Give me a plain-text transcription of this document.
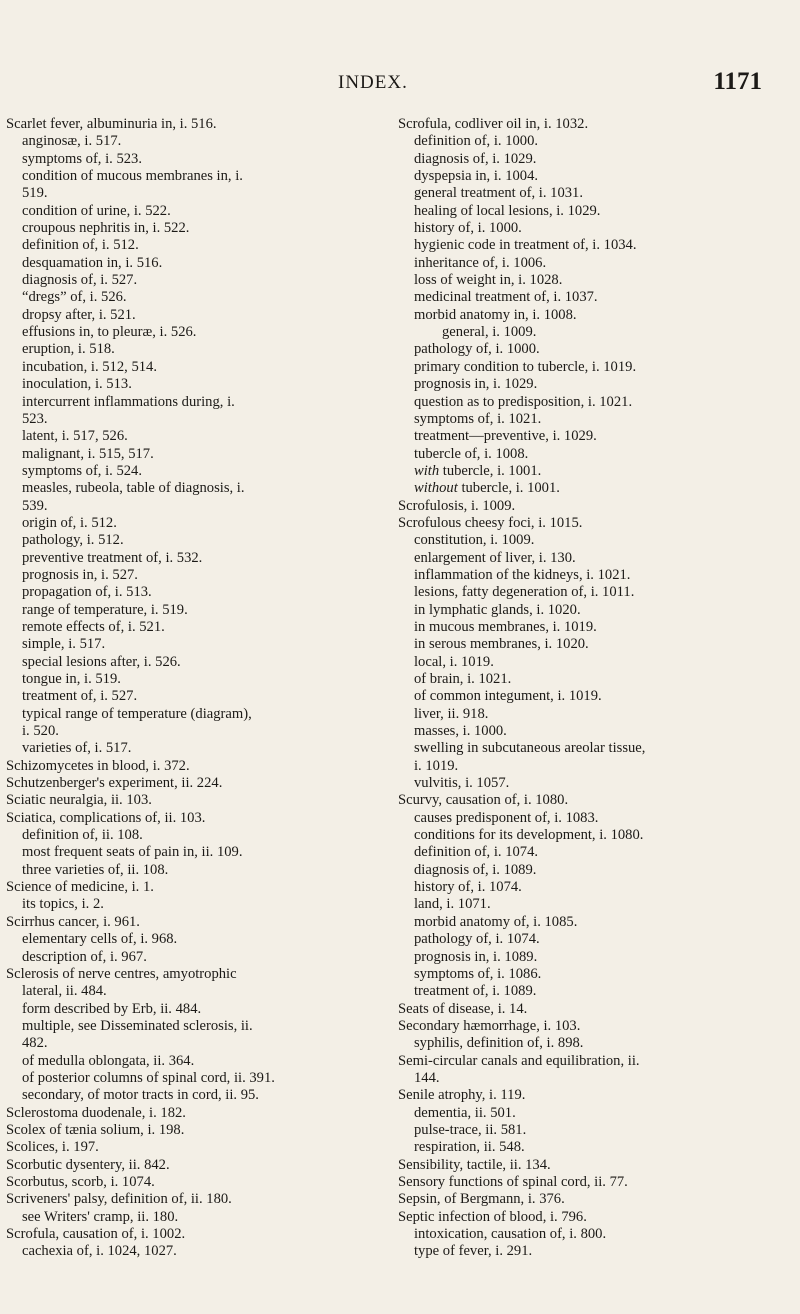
INDEX.	1171
Scarlet fever, albuminuria in, i. 516.
anginosæ, i. 517.
symptoms of, i. 523.
condition of mucous membranes in, i.
519.
condition of urine, i. 522.
croupous nephritis in, i. 522.
definition of, i. 512.
desquamation in, i. 516.
diagnosis of, i. 527.
“dregs” of, i. 526.
dropsy after, i. 521.
effusions in, to pleuræ, i. 526.
eruption, i. 518.
incubation, i. 512, 514.
inoculation, i. 513.
intercurrent inflammations during, i.
523.
latent, i. 517, 526.
malignant, i. 515, 517.
symptoms of, i. 524.
measles, rubeola, table of diagnosis, i.
539.
origin of, i. 512.
pathology, i. 512.
preventive treatment of, i. 532.
prognosis in, i. 527.
propagation of, i. 513.
range of temperature, i. 519.
remote effects of, i. 521.
simple, i. 517.
special lesions after, i. 526.
tongue in, i. 519.
treatment of, i. 527.
typical range of temperature (diagram),
i. 520.
varieties of, i. 517.
Schizomycetes in blood, i. 372.
Schutzenberger's experiment, ii. 224.
Sciatic neuralgia, ii. 103.
Sciatica, complications of, ii. 103.
definition of, ii. 108.
most frequent seats of pain in, ii. 109.
three varieties of, ii. 108.
Science of medicine, i. 1.
its topics, i. 2.
Scirrhus cancer, i. 961.
elementary cells of, i. 968.
description of, i. 967.
Sclerosis of nerve centres, amyotrophic
lateral, ii. 484.
form described by Erb, ii. 484.
multiple, see Disseminated sclerosis, ii.
482.
of medulla oblongata, ii. 364.
of posterior columns of spinal cord, ii. 391.
secondary, of motor tracts in cord, ii. 95.
Sclerostoma duodenale, i. 182.
Scolex of tænia solium, i. 198.
Scolices, i. 197.
Scorbutic dysentery, ii. 842.
Scorbutus, scorb, i. 1074.
Scriveners' palsy, definition of, ii. 180.
see Writers' cramp, ii. 180.
Scrofula, causation of, i. 1002.
cachexia of, i. 1024, 1027.
Scrofula, codliver oil in, i. 1032.
definition of, i. 1000.
diagnosis of, i. 1029.
dyspepsia in, i. 1004.
general treatment of, i. 1031.
healing of local lesions, i. 1029.
history of, i. 1000.
hygienic code in treatment of, i. 1034.
inheritance of, i. 1006.
loss of weight in, i. 1028.
medicinal treatment of, i. 1037.
morbid anatomy in, i. 1008.
general, i. 1009.
pathology of, i. 1000.
primary condition to tubercle, i. 1019.
prognosis in, i. 1029.
question as to predisposition, i. 1021.
symptoms of, i. 1021.
treatment—preventive, i. 1029.
tubercle of, i. 1008.
with tubercle, i. 1001.
without tubercle, i. 1001.
Scrofulosis, i. 1009.
Scrofulous cheesy foci, i. 1015.
constitution, i. 1009.
enlargement of liver, i. 130.
inflammation of the kidneys, i. 1021.
lesions, fatty degeneration of, i. 1011.
in lymphatic glands, i. 1020.
in mucous membranes, i. 1019.
in serous membranes, i. 1020.
local, i. 1019.
of brain, i. 1021.
of common integument, i. 1019.
liver, ii. 918.
masses, i. 1000.
swelling in subcutaneous areolar tissue,
i. 1019.
vulvitis, i. 1057.
Scurvy, causation of, i. 1080.
causes predisponent of, i. 1083.
conditions for its development, i. 1080.
definition of, i. 1074.
diagnosis of, i. 1089.
history of, i. 1074.
land, i. 1071.
morbid anatomy of, i. 1085.
pathology of, i. 1074.
prognosis in, i. 1089.
symptoms of, i. 1086.
treatment of, i. 1089.
Seats of disease, i. 14.
Secondary hæmorrhage, i. 103.
syphilis, definition of, i. 898.
Semi-circular canals and equilibration, ii.
144.
Senile atrophy, i. 119.
dementia, ii. 501.
pulse-trace, ii. 581.
respiration, ii. 548.
Sensibility, tactile, ii. 134.
Sensory functions of spinal cord, ii. 77.
Sepsin, of Bergmann, i. 376.
Septic infection of blood, i. 796.
intoxication, causation of, i. 800.
type of fever, i. 291.
